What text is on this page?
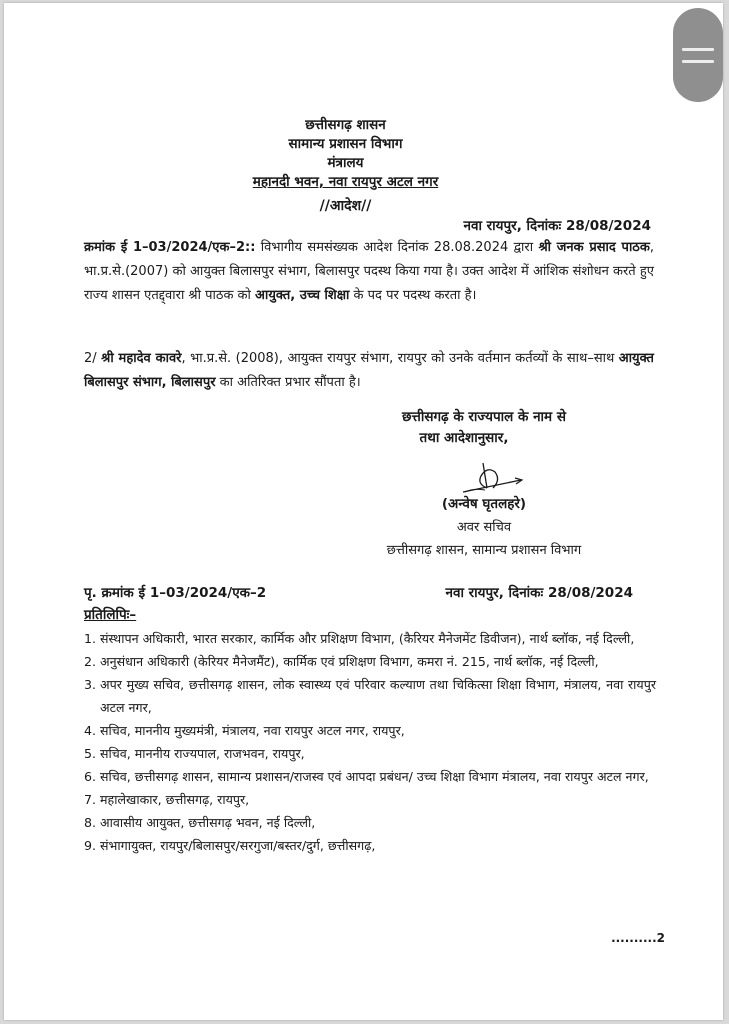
छत्तीसगढ़ शासन
सामान्य प्रशासन विभाग
मंत्रालय
महानदी भवन, नवा रायपुर अटल नगर
//आदेश//
नवा रायपुर, दिनांकः 28/08/2024
क्रमांक ई 1–03/2024/एक–2:: विभागीय समसंख्यक आदेश दिनांक 28.08.2024 द्वारा श्री जनक प्रसाद पाठक, भा.प्र.से.(2007) को आयुक्त बिलासपुर संभाग, बिलासपुर पदस्थ किया गया है। उक्त आदेश में आंशिक संशोधन करते हुए राज्य शासन एतद्द्वारा श्री पाठक को आयुक्त, उच्च शिक्षा के पद पर पदस्थ करता है।
2/ श्री महादेव कावरे, भा.प्र.से. (2008), आयुक्त रायपुर संभाग, रायपुर को उनके वर्तमान कर्तव्यों के साथ–साथ आयुक्त बिलासपुर संभाग, बिलासपुर का अतिरिक्त प्रभार सौंपता है।
छत्तीसगढ़ के राज्यपाल के नाम से
तथा आदेशानुसार,
(अन्वेष घृतलहरे)
अवर सचिव
छत्तीसगढ़ शासन, सामान्य प्रशासन विभाग
पृ. क्रमांक ई 1–03/2024/एक–2	नवा रायपुर, दिनांकः 28/08/2024
प्रतिलिपिः–
1. संस्थापन अधिकारी, भारत सरकार, कार्मिक और प्रशिक्षण विभाग, (कैरियर मैनेजमेंट डिवीजन), नार्थ ब्लॉक, नई दिल्ली,
2. अनुसंधान अधिकारी (केरियर मैनेजमैंट), कार्मिक एवं प्रशिक्षण विभाग, कमरा नं. 215, नार्थ ब्लॉक, नई दिल्ली,
3. अपर मुख्य सचिव, छत्तीसगढ़ शासन, लोक स्वास्थ्य एवं परिवार कल्याण तथा चिकित्सा शिक्षा विभाग, मंत्रालय, नवा रायपुर अटल नगर,
4. सचिव, माननीय मुख्यमंत्री, मंत्रालय, नवा रायपुर अटल नगर, रायपुर,
5. सचिव, माननीय राज्यपाल, राजभवन, रायपुर,
6. सचिव, छत्तीसगढ़ शासन, सामान्य प्रशासन/राजस्व एवं आपदा प्रबंधन/ उच्च शिक्षा विभाग मंत्रालय, नवा रायपुर अटल नगर,
7. महालेखाकार, छत्तीसगढ़, रायपुर,
8. आवासीय आयुक्त, छत्तीसगढ़ भवन, नई दिल्ली,
9. संभागायुक्त, रायपुर/बिलासपुर/सरगुजा/बस्तर/दुर्ग, छत्तीसगढ़,
..........2
